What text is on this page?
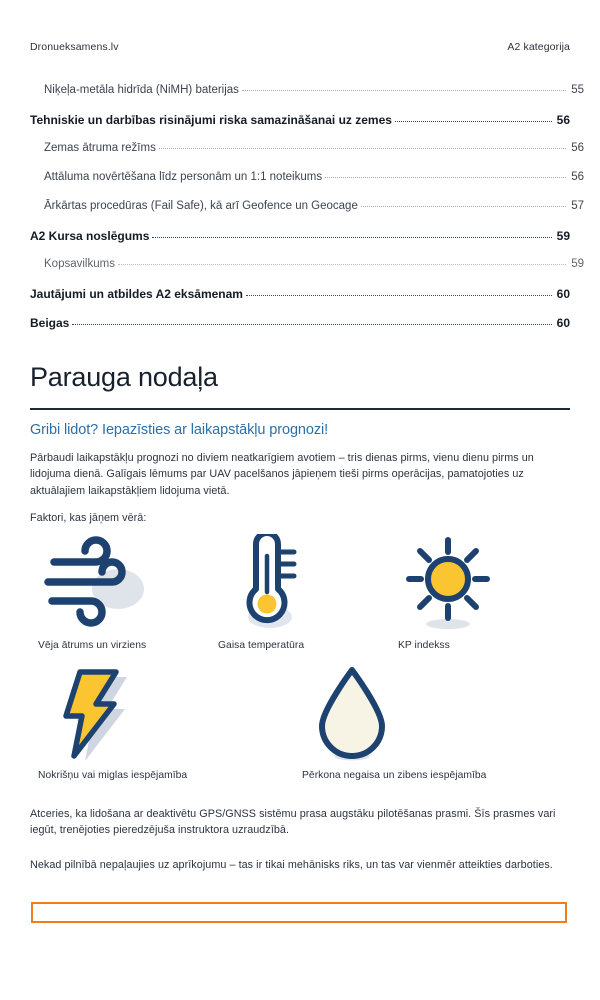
Dronueksamens.lv	A2 kategorija
Niķeļa-metāla hidrīda (NiMH) baterijas	55
Tehniskie un darbības risinājumi riska samazināšanai uz zemes	56
Zemas ātruma režīms	56
Attāluma novērtēšana līdz personām un 1:1 noteikums	56
Ārkārtas procedūras (Fail Safe), kā arī Geofence un Geocage	57
A2 Kursa noslēgums	59
Kopsavilkums	59
Jautājumi un atbildes A2 eksāmenam	60
Beigas	60
Parauga nodaļa
Gribi lidot? Iepazīsties ar laikapstākļu prognozi!

Pārbaudi laikapstākļu prognozi no diviem neatkarīgiem avotiem – tris dienas pirms, vienu dienu pirms un lidojuma dienā. Galīgais lēmums par UAV pacelšanos jāpieņem tieši pirms operācijas, pamatojoties uz aktuālajiem laikapstākļiem lidojuma vietā.

Faktori, kas jāņem vērā:

Vēja ātrums un virziens	Gaisa temperatūra	KP indekss
Nokrišņu vai miglas iespējamība	Pērkona negaisa un zibens iespējamība

Atceries, ka lidošana ar deaktivētu GPS/GNSS sistēmu prasa augstāku pilotēšanas prasmi. Šīs prasmes vari iegūt, trenējoties pieredzējuša instruktora uzraudzībā.

Nekad pilnībā nepaļaujies uz aprīkojumu – tas ir tikai mehānisks riks, un tas var vienmēr atteikties darboties.
